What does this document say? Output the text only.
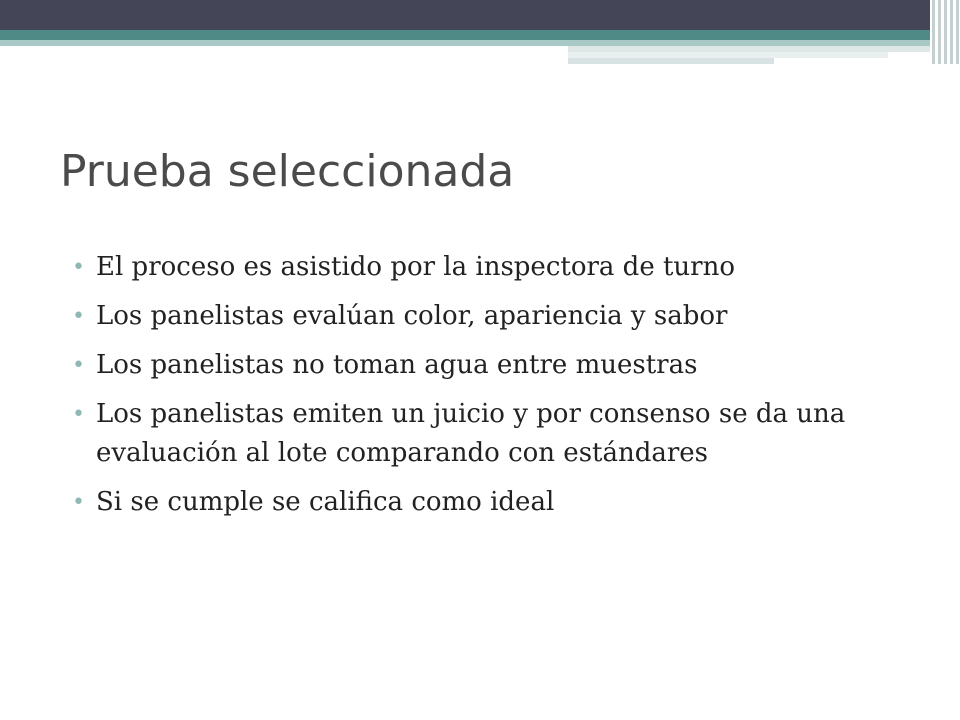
Prueba seleccionada
• El proceso es asistido por la inspectora de turno
• Los panelistas evalúan color, apariencia y sabor
• Los panelistas no toman agua entre muestras
• Los panelistas emiten un juicio y por consenso se da una evaluación al lote comparando con estándares
• Si se cumple se califica como ideal
